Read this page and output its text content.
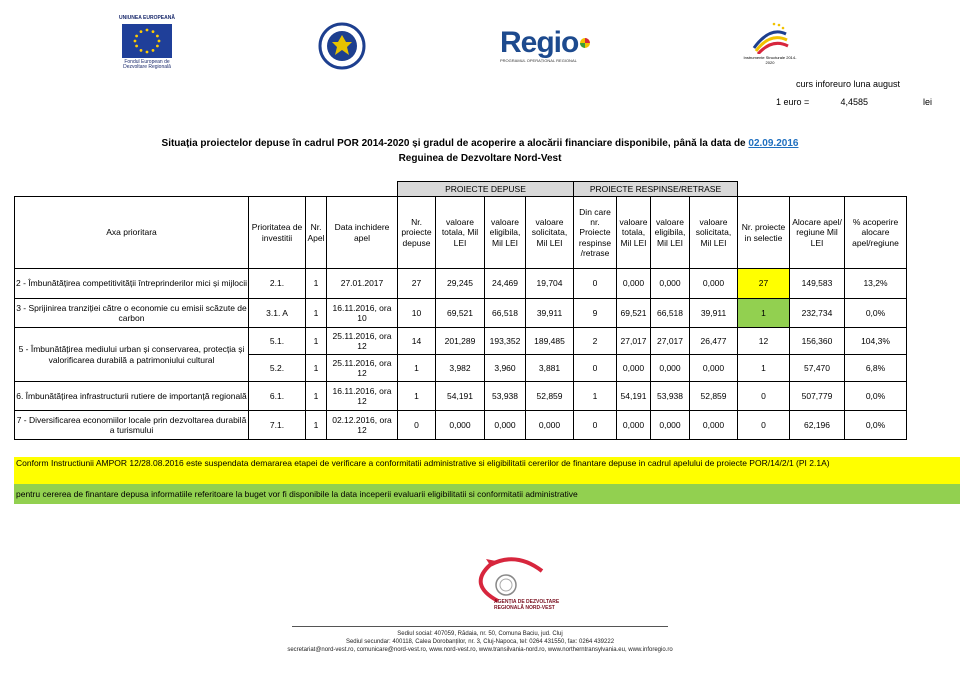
UNIUNEA EUROPEANĂ
Fondul European de Dezvoltare Regională
Regio
PROGRAMUL OPERAȚIONAL REGIONAL
Instrumente Structurale 2014-2020
curs inforeuro luna august
1 euro =	4,4585	lei
Situația proiectelor depuse în cadrul POR 2014-2020 și gradul de acoperire a alocării financiare disponibile, până la data de 02.09.2016
Reguinea de Dezvoltare Nord-Vest
				PROIECTE DEPUSE				PROIECTE RESPINSE/RETRASE						
Axa prioritara	Prioritatea de investitii	Nr. Apel	Data inchidere apel	Nr. proiecte depuse	valoare totala, Mil LEI	valoare eligibila, Mil LEI	valoare solicitata, Mil LEI	Din care nr. Proiecte respinse /retrase	valoare totala, Mil LEI	valoare eligibila, Mil LEI	valoare solicitata, Mil LEI	Nr. proiecte in selectie	Alocare apel/ regiune Mil LEI	% acoperire alocare apel/regiune
2 - Îmbunătățirea competitivității întreprinderilor mici și mijlocii	2.1.	1	27.01.2017	27	29,245	24,469	19,704	0	0,000	0,000	0,000	27	149,583	13,2%
3 - Sprijinirea tranziției către o economie cu emisii scăzute de carbon	3.1. A	1	16.11.2016, ora 10	10	69,521	66,518	39,911	9	69,521	66,518	39,911	1	232,734	0,0%
5 - Îmbunătățirea mediului urban și conservarea, protecția și valorificarea durabilă a patrimoniului cultural	5.1.	1	25.11.2016, ora 12	14	201,289	193,352	189,485	2	27,017	27,017	26,477	12	156,360	104,3%
	5.2.	1	25.11.2016, ora 12	1	3,982	3,960	3,881	0	0,000	0,000	0,000	1	57,470	6,8%
6. Îmbunătățirea infrastructurii rutiere de importanță regională	6.1.	1	16.11.2016, ora 12	1	54,191	53,938	52,859	1	54,191	53,938	52,859	0	507,779	0,0%
7 - Diversificarea economiilor locale prin dezvoltarea durabilă a turismului	7.1.	1	02.12.2016, ora 12	0	0,000	0,000	0,000	0	0,000	0,000	0,000	0	62,196	0,0%
Conform Instructiunii AMPOR 12/28.08.2016 este suspendata demararea etapei de verificare a conformitatii administrative si eligibilitatii cererilor de finantare depuse in cadrul apelului de proiecte POR/14/2/1 (PI 2.1A)
pentru cererea de finantare depusa informatiile referitoare la buget vor fi disponibile la data inceperii evaluarii eligibilitatii si conformitatii administrative
AGENȚIA DE DEZVOLTARE REGIONALĂ NORD-VEST
Sediul social: 407059, Rădaia, nr. 50, Comuna Baciu, jud. Cluj
Sediul secundar: 400118, Calea Dorobanților, nr. 3, Cluj-Napoca, tel: 0264 431550, fax: 0264 439222
secretariat@nord-vest.ro, comunicare@nord-vest.ro, www.nord-vest.ro, www.transilvania-nord.ro, www.northerntransylvania.eu, www.inforegio.ro
